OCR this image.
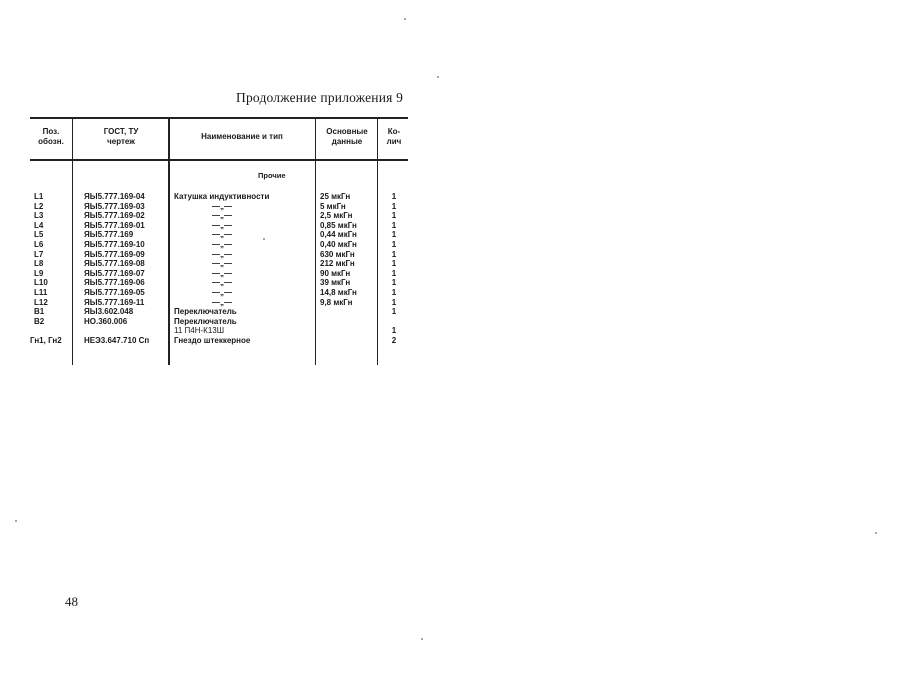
Продолжение приложения 9
Поз.
обозн.
ГОСТ, ТУ
чертеж
Наименование и тип
Основные
данные
Ко-
лич
Прочие
L1
L2
L3
L4
L5
L6
L7
L8
L9
L10
L11
L12
B1
B2
Гн1, Гн2
ЯЫ5.777.169-04
ЯЫ5.777.169-03
ЯЫ5.777.169-02
ЯЫ5.777.169-01
ЯЫ5.777.169
ЯЫ5.777.169-10
ЯЫ5.777.169-09
ЯЫ5.777.169-08
ЯЫ5.777.169-07
ЯЫ5.777.169-06
ЯЫ5.777.169-05
ЯЫ5.777.169-11
ЯЫ3.602.048
НО.360.006
НЕЭ3.647.710 Сп
Катушка индуктивности
—„—
—„—
—„—
—„—
—„—
—„—
—„—
—„—
—„—
—„—
—„—
Переключатель
Переключатель
11 П4Н-К13Ш
Гнездо штеккерное
25 мкГн
5 мкГн
2,5 мкГн
0,85 мкГн
0,44 мкГн
0,40 мкГн
630 мкГн
212 мкГн
90 мкГн
39 мкГн
14,8 мкГн
9,8 мкГн
1
1
1
1
1
1
1
1
1
1
1
1
1
1
2
48
